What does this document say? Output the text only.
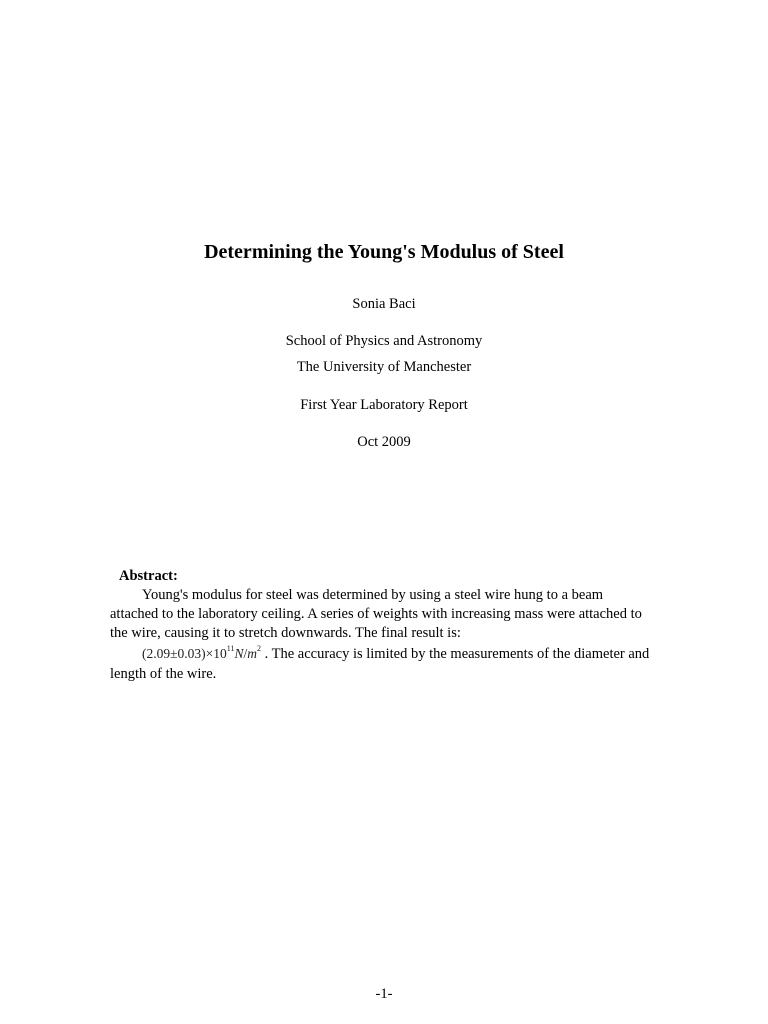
Determining the Young's Modulus of Steel
Sonia Baci
School of Physics and Astronomy
The University of Manchester
First Year Laboratory Report
Oct 2009
Abstract:

Young's modulus for steel was determined by using a steel wire hung to a beam attached to the laboratory ceiling. A series of weights with increasing mass were attached to the wire, causing it to stretch downwards. The final result is:
$(2.09\pm 0.03)\times 10^{11}N/m^2$ . The accuracy is limited by the measurements of the diameter and length of the wire.

-1-
